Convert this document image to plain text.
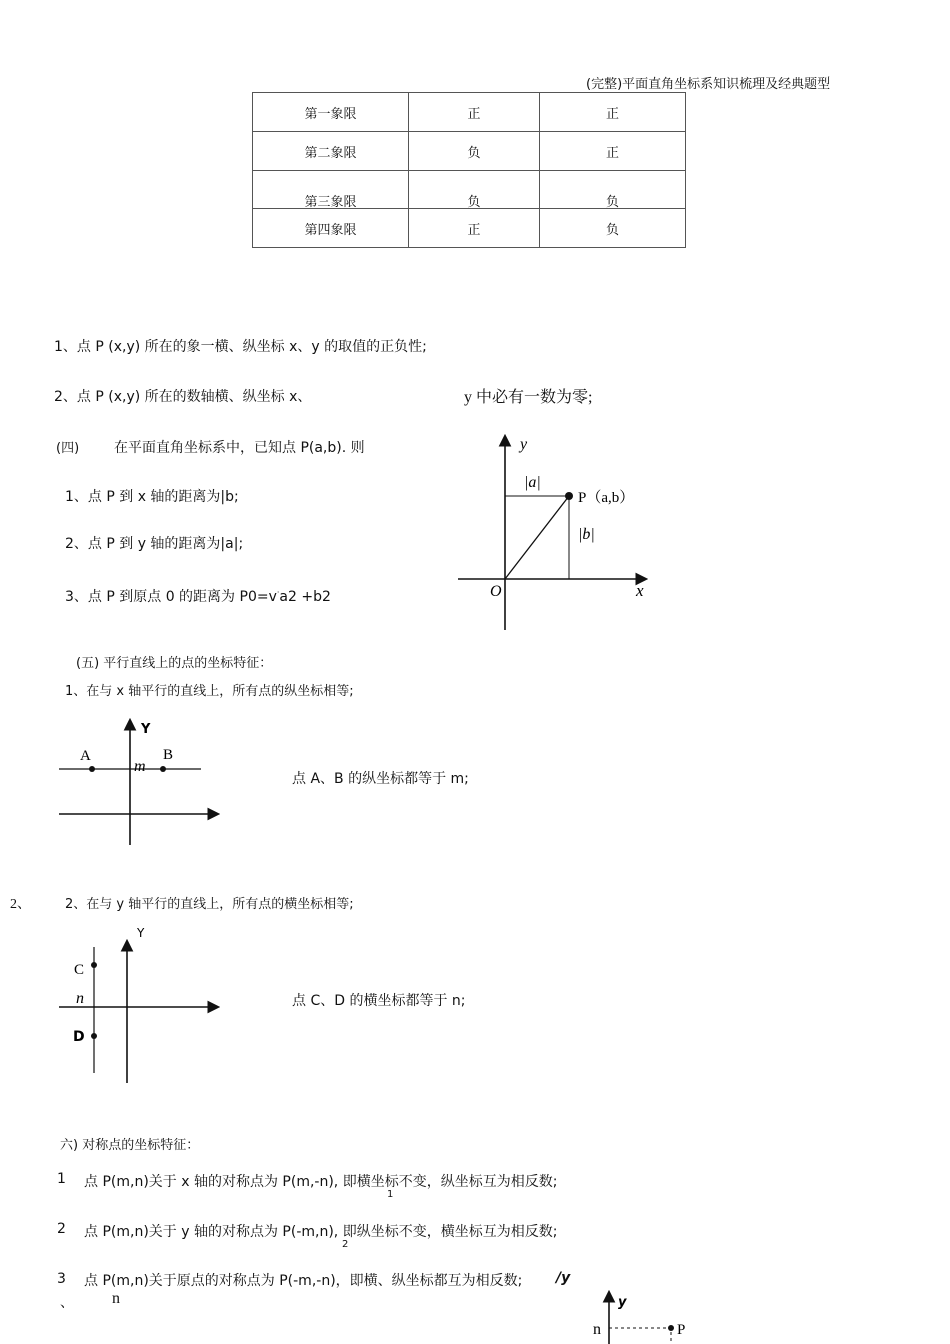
(完整)平面直角坐标系知识梳理及经典题型
第一象限	正	正
第二象限	负	正
第三象限	负	负
第四象限	正	负
1、点 P (x,y) 所在的象一横、纵坐标 x、y 的取值的正负性;
2、点 P (x,y) 所在的数轴横、纵坐标 x、	y 中必有一数为零;
(四) 在平面直角坐标系中，已知点 P(a,b). 则
1、点 P 到 x 轴的距离为|b;
2、点 P 到 y 轴的距离为|a|;
3、点 P 到原点 0 的距离为 P0=v·a2 +b2
y
x
O
|a|
|b|
P（a,b）
(五) 平行直线上的点的坐标特征：
1、在与 x 轴平行的直线上，所有点的纵坐标相等;
Y
A	B
m
点 A、B 的纵坐标都等于 m;
2、	2、在与 y 轴平行的直线上，所有点的横坐标相等;
Y
C
D
n	点 C、D 的横坐标都等于 n;
六) 对称点的坐标特征：
1 点 P(m,n)关于 x 轴的对称点为 P(m,-n), 即横坐标不变，纵坐标互为相反数;
1
2 点 P(m,n)关于 y 轴的对称点为 P(-m,n), 即纵坐标不变，横坐标互为相反数;
2
3 点 P(m,n)关于原点的对称点为 P(-m,-n)，即横、纵坐标都互为相反数; /y
、 n	y
n	P
